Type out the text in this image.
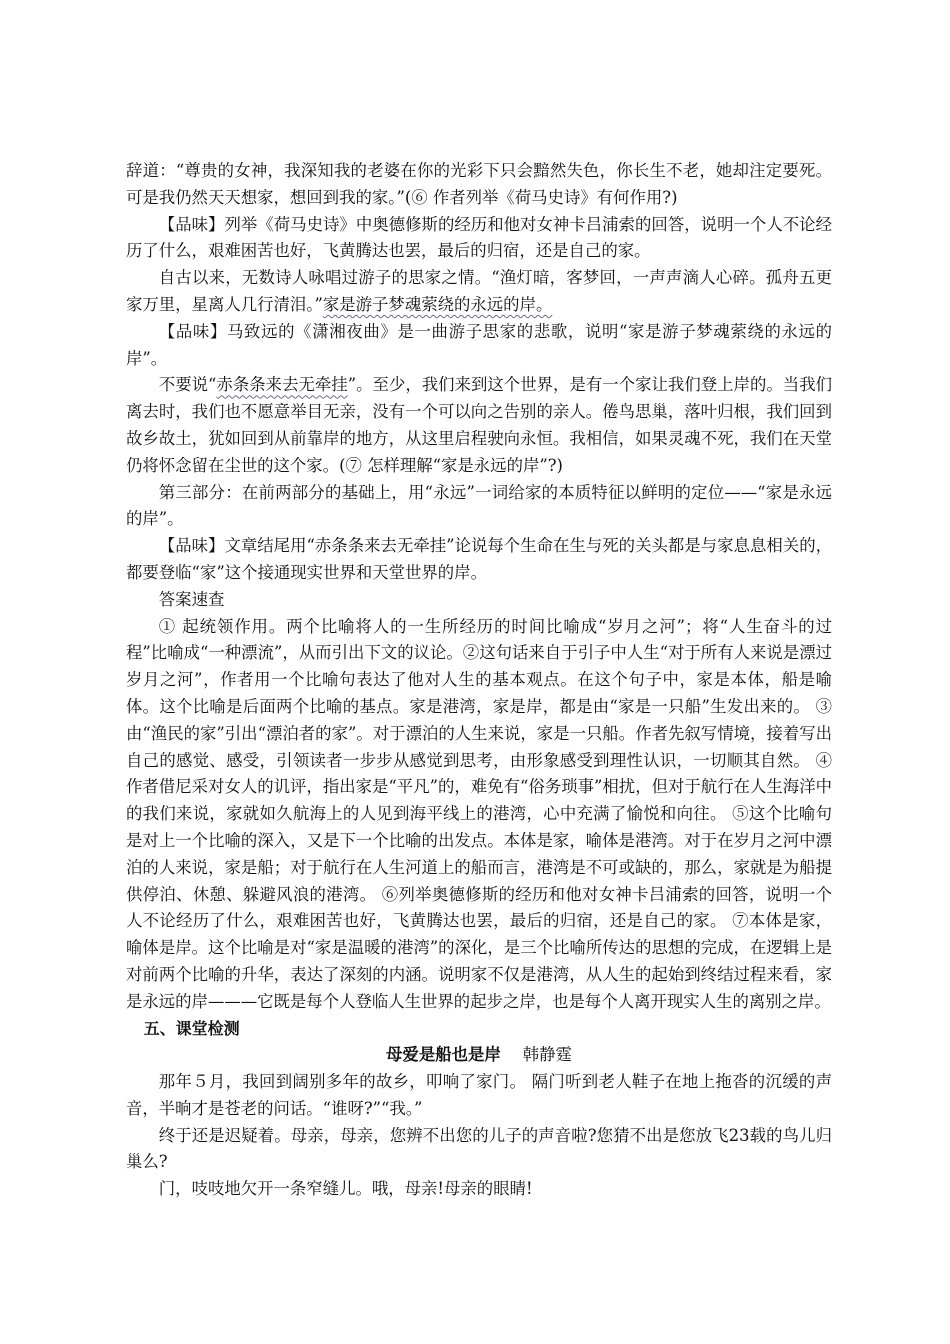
辞道：“尊贵的女神，我深知我的老婆在你的光彩下只会黯然失色，你长生不老，她却注定要死。可是我仍然天天想家，想回到我的家。”(⑥ 作者列举《荷马史诗》有何作用?)

【品味】列举《荷马史诗》中奥德修斯的经历和他对女神卡吕浦索的回答，说明一个人不论经历了什么，艰难困苦也好，飞黄腾达也罢，最后的归宿，还是自己的家。

自古以来，无数诗人咏唱过游子的思家之情。“渔灯暗，客梦回，一声声滴人心碎。孤舟五更家万里，星离人几行清泪。”家是游子梦魂萦绕的永远的岸。

【品味】马致远的《潇湘夜曲》是一曲游子思家的悲歌，说明“家是游子梦魂萦绕的永远的岸”。

不要说“赤条条来去无牵挂”。至少，我们来到这个世界，是有一个家让我们登上岸的。当我们离去时，我们也不愿意举目无亲，没有一个可以向之告别的亲人。倦鸟思巢，落叶归根，我们回到故乡故土，犹如回到从前靠岸的地方，从这里启程驶向永恒。我相信，如果灵魂不死，我们在天堂仍将怀念留在尘世的这个家。(⑦ 怎样理解“家是永远的岸”?)

第三部分：在前两部分的基础上，用“永远”一词给家的本质特征以鲜明的定位——“家是永远的岸”。

【品味】文章结尾用“赤条条来去无牵挂”论说每个生命在生与死的关头都是与家息息相关的，都要登临“家”这个接通现实世界和天堂世界的岸。

答案速查

① 起统领作用。两个比喻将人的一生所经历的时间比喻成“岁月之河”；将“人生奋斗的过程”比喻成“一种漂流”，从而引出下文的议论。②这句话来自于引子中人生“对于所有人来说是漂过岁月之河”，作者用一个比喻句表达了他对人生的基本观点。在这个句子中，家是本体，船是喻体。这个比喻是后面两个比喻的基点。家是港湾，家是岸，都是由“家是一只船”生发出来的。 ③由“渔民的家”引出“漂泊者的家”。对于漂泊的人生来说，家是一只船。作者先叙写情境，接着写出自己的感觉、感受，引领读者一步步从感觉到思考，由形象感受到理性认识，一切顺其自然。 ④作者借尼采对女人的讥评，指出家是“平凡”的，难免有“俗务琐事”相扰，但对于航行在人生海洋中的我们来说，家就如久航海上的人见到海平线上的港湾，心中充满了愉悦和向往。 ⑤这个比喻句是对上一个比喻的深入，又是下一个比喻的出发点。本体是家，喻体是港湾。对于在岁月之河中漂泊的人来说，家是船；对于航行在人生河道上的船而言，港湾是不可或缺的，那么，家就是为船提供停泊、休憩、躲避风浪的港湾。 ⑥列举奥德修斯的经历和他对女神卡吕浦索的回答，说明一个人不论经历了什么，艰难困苦也好，飞黄腾达也罢，最后的归宿，还是自己的家。 ⑦本体是家，喻体是岸。这个比喻是对“家是温暖的港湾”的深化，是三个比喻所传达的思想的完成，在逻辑上是对前两个比喻的升华，表达了深刻的内涵。说明家不仅是港湾，从人生的起始到终结过程来看，家是永远的岸———它既是每个人登临人生世界的起步之岸，也是每个人离开现实人生的离别之岸。

五、课堂检测

母爱是船也是岸 韩静霆

那年５月，我回到阔别多年的故乡，叩响了家门。 隔门听到老人鞋子在地上拖沓的沉缓的声音，半晌才是苍老的问话。“谁呀?”“我。”

终于还是迟疑着。母亲，母亲，您辨不出您的儿子的声音啦?您猜不出是您放飞23载的鸟儿归巢么?

门，吱吱地欠开一条窄缝儿。哦，母亲!母亲的眼睛!
